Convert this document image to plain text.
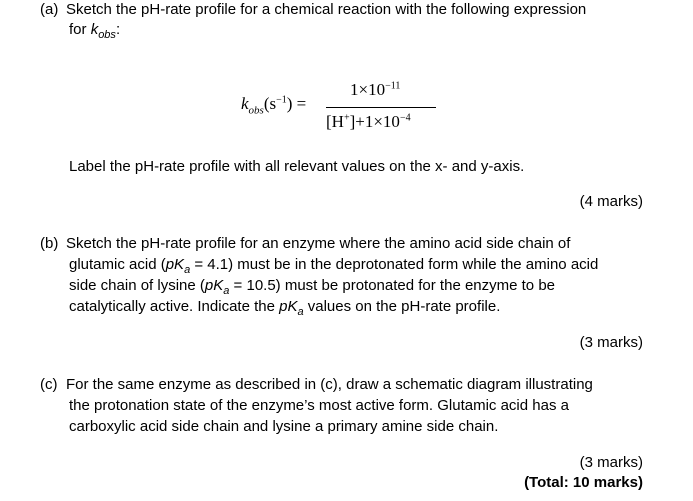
(a) Sketch the pH-rate profile for a chemical reaction with the following expression
for $k_{obs}$:
$k_{obs}(s^{-1})$ =
$1\times 10^{-11}$
$[H^+]+1\times 10^{-4}$
Label the pH-rate profile with all relevant values on the x- and y-axis.
(4 marks)
(b) Sketch the pH-rate profile for an enzyme where the amino acid side chain of
glutamic acid $(pK_a = 4.1)$ must be in the deprotonated form while the amino acid
side chain of lysine $(pK_a = 10.5)$ must be protonated for the enzyme to be
catalytically active. Indicate the $pK_a$ values on the pH-rate profile.
(3 marks)
(c) For the same enzyme as described in (c), draw a schematic diagram illustrating
the protonation state of the enzyme’s most active form. Glutamic acid has a
carboxylic acid side chain and lysine a primary amine side chain.
(3 marks)
(Total: 10 marks)
